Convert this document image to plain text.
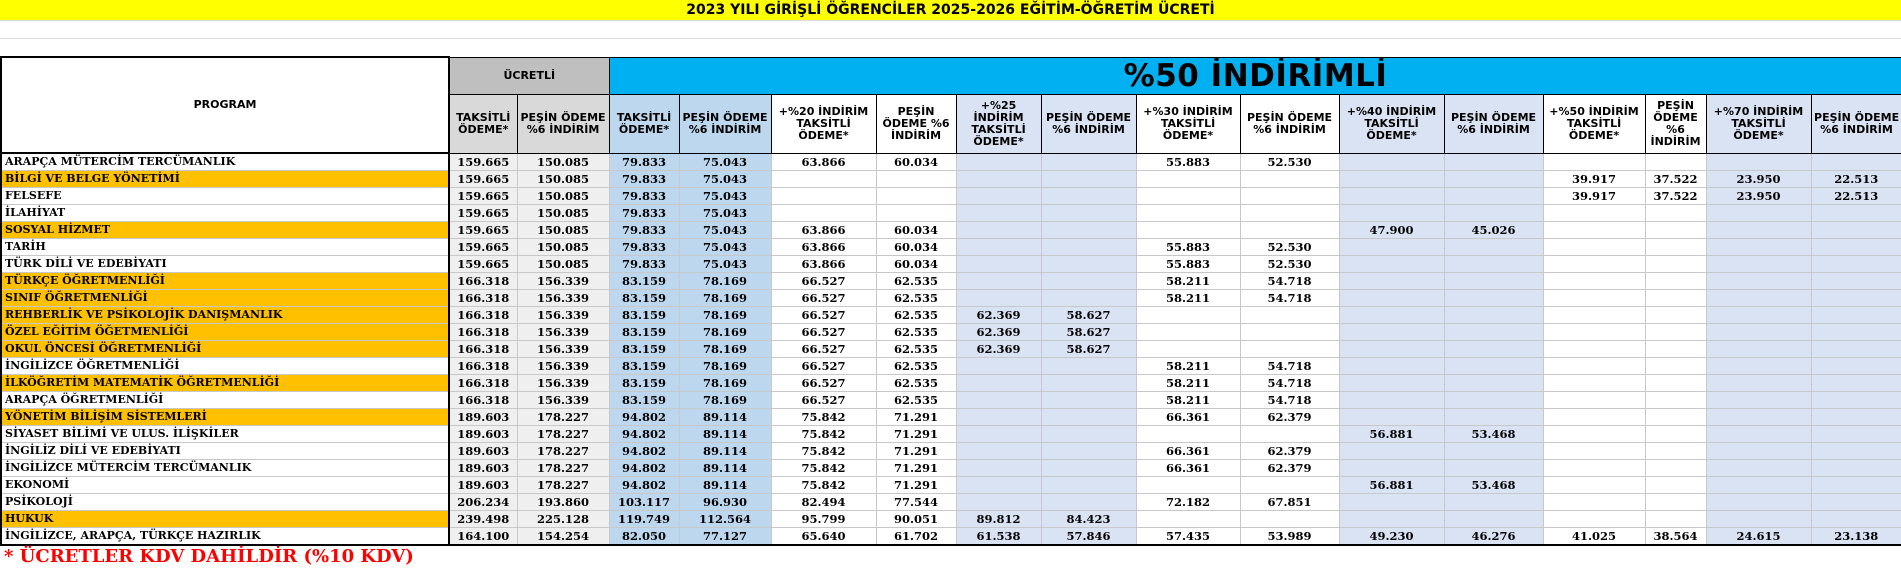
2023 YILI GİRİŞLİ ÖĞRENCİLER 2025-2026 EĞİTİM-ÖĞRETİM ÜCRETİ
PROGRAM	ÜCRETLİ		%50 İNDİRİMLİ													
	TAKSİTLİ ÖDEME*	PEŞİN ÖDEME %6 İNDİRİM	TAKSİTLİ ÖDEME*	PEŞİN ÖDEME %6 İNDİRİM	+%20 İNDİRİM TAKSİTLİ ÖDEME*	PEŞİN ÖDEME %6 İNDİRİM	+%25 İNDİRİM TAKSİTLİ ÖDEME*	PEŞİN ÖDEME %6 İNDİRİM	+%30 İNDİRİM TAKSİTLİ ÖDEME*	PEŞİN ÖDEME %6 İNDİRİM	+%40 İNDİRİM TAKSİTLİ ÖDEME*	PEŞİN ÖDEME %6 İNDİRİM	+%50 İNDİRİM TAKSİTLİ ÖDEME*	PEŞİN ÖDEME %6 İNDİRİM	+%70 İNDİRİM TAKSİTLİ ÖDEME*	PEŞİN ÖDEME %6 İNDİRİM
ARAPÇA MÜTERCİM TERCÜMANLIK	159.665	150.085	79.833	75.043	63.866	60.034			55.883	52.530						
BİLGİ VE BELGE YÖNETİMİ	159.665	150.085	79.833	75.043									39.917	37.522	23.950	22.513
FELSEFE	159.665	150.085	79.833	75.043									39.917	37.522	23.950	22.513
İLAHİYAT	159.665	150.085	79.833	75.043												
SOSYAL HİZMET	159.665	150.085	79.833	75.043	63.866	60.034					47.900	45.026				
TARİH	159.665	150.085	79.833	75.043	63.866	60.034			55.883	52.530						
TÜRK DİLİ VE EDEBİYATI	159.665	150.085	79.833	75.043	63.866	60.034			55.883	52.530						
TÜRKÇE ÖĞRETMENLİĞİ	166.318	156.339	83.159	78.169	66.527	62.535			58.211	54.718						
SINIF ÖĞRETMENLİĞİ	166.318	156.339	83.159	78.169	66.527	62.535			58.211	54.718						
REHBERLİK VE PSİKOLOJİK DANIŞMANLIK	166.318	156.339	83.159	78.169	66.527	62.535	62.369	58.627								
ÖZEL EĞİTİM ÖĞETMENLİĞİ	166.318	156.339	83.159	78.169	66.527	62.535	62.369	58.627								
OKUL ÖNCESİ ÖĞRETMENLİĞİ	166.318	156.339	83.159	78.169	66.527	62.535	62.369	58.627								
İNGİLİZCE ÖĞRETMENLİĞİ	166.318	156.339	83.159	78.169	66.527	62.535			58.211	54.718						
İLKÖĞRETİM MATEMATİK ÖĞRETMENLİĞİ	166.318	156.339	83.159	78.169	66.527	62.535			58.211	54.718						
ARAPÇA ÖĞRETMENLİĞİ	166.318	156.339	83.159	78.169	66.527	62.535			58.211	54.718						
YÖNETİM BİLİŞİM SİSTEMLERİ	189.603	178.227	94.802	89.114	75.842	71.291			66.361	62.379						
SİYASET BİLİMİ VE ULUS. İLİŞKİLER	189.603	178.227	94.802	89.114	75.842	71.291					56.881	53.468				
İNGİLİZ DİLİ VE EDEBİYATI	189.603	178.227	94.802	89.114	75.842	71.291			66.361	62.379						
İNGİLİZCE MÜTERCİM TERCÜMANLIK	189.603	178.227	94.802	89.114	75.842	71.291			66.361	62.379						
EKONOMİ	189.603	178.227	94.802	89.114	75.842	71.291					56.881	53.468				
PSİKOLOJİ	206.234	193.860	103.117	96.930	82.494	77.544			72.182	67.851						
HUKUK	239.498	225.128	119.749	112.564	95.799	90.051	89.812	84.423								
İNGİLİZCE, ARAPÇA, TÜRKÇE HAZIRLIK	164.100	154.254	82.050	77.127	65.640	61.702	61.538	57.846	57.435	53.989	49.230	46.276	41.025	38.564	24.615	23.138
* ÜCRETLER KDV DAHİLDİR (%10 KDV)
